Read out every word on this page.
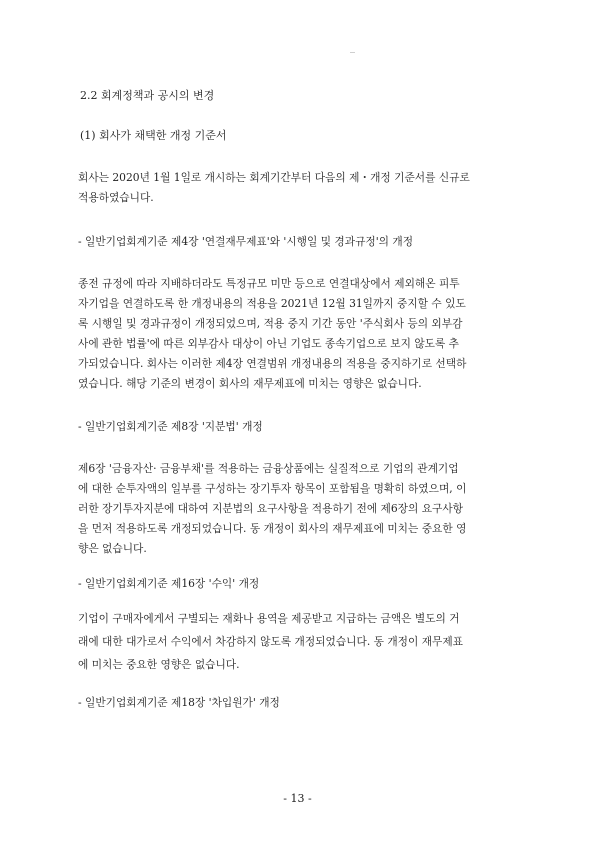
2.2 회계정책과 공시의 변경

(1) 회사가 채택한 개정 기준서

회사는 2020년 1월 1일로 개시하는 회계기간부터 다음의 제・개정 기준서를 신규로

적용하였습니다.

- 일반기업회계기준 제4장 '연결재무제표'와 '시행일 및 경과규정'의 개정

종전 규정에 따라 지배하더라도 특정규모 미만 등으로 연결대상에서 제외해온 피투

자기업을 연결하도록 한 개정내용의 적용을 2021년 12월 31일까지 중지할 수 있도

록 시행일 및 경과규정이 개정되었으며, 적용 중지 기간 동안 '주식회사 등의 외부감

사에 관한 법률'에 따른 외부감사 대상이 아닌 기업도 종속기업으로 보지 않도록 추

가되었습니다. 회사는 이러한 제4장 연결범위 개정내용의 적용을 중지하기로 선택하

였습니다. 해당 기준의 변경이 회사의 재무제표에 미치는 영향은 없습니다.

- 일반기업회계기준 제8장 '지분법' 개정

제6장 '금융자산· 금융부채'를 적용하는 금융상품에는 실질적으로 기업의 관계기업

에 대한 순투자액의 일부를 구성하는 장기투자 항목이 포함됨을 명확히 하였으며, 이

러한 장기투자지분에 대하여 지분법의 요구사항을 적용하기 전에 제6장의 요구사항

을 먼저 적용하도록 개정되었습니다. 동 개정이 회사의 재무제표에 미치는 중요한 영

향은 없습니다.

- 일반기업회계기준 제16장 '수익' 개정

기업이 구매자에게서 구별되는 재화나 용역을 제공받고 지급하는 금액은 별도의 거

래에 대한 대가로서 수익에서 차감하지 않도록 개정되었습니다. 동 개정이 재무제표

에 미치는 중요한 영향은 없습니다.

- 일반기업회계기준 제18장 '차입원가' 개정

- 13 -
